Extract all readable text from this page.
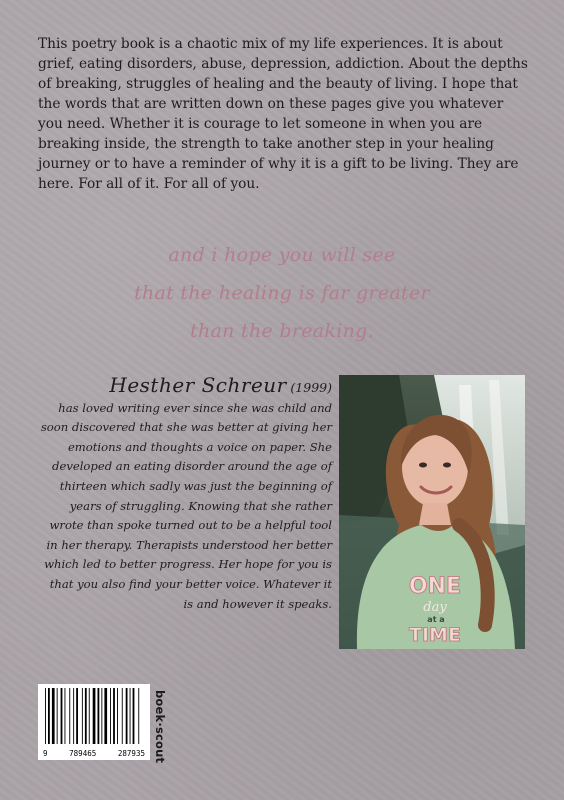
This poetry book is a chaotic mix of my life experiences. It is about grief, eating disorders, abuse, depression, addiction. About the depths of breaking, struggles of healing and the beauty of living. I hope that the words that are written down on these pages give you whatever you need. Whether it is courage to let someone in when you are breaking inside, the strength to take another step in your healing journey or to have a reminder of why it is a gift to be living. They are here. For all of it. For all of you.

and i hope you will see
that the healing is far greater
than the breaking.
Hesther Schreur (1999)
has loved writing ever since she was child and soon discovered that she was better at giving her emotions and thoughts a voice on paper. She developed an eating disorder around the age of thirteen which sadly was just the beginning of years of struggling. Knowing that she rather wrote than spoke turned out to be a helpful tool in her therapy. Therapists understood her better which led to better progress. Her hope for you is that you also find your better voice. Whatever it is and however it speaks.
ONE
day
at a
TIME
9	789465	287935 boek·scout
